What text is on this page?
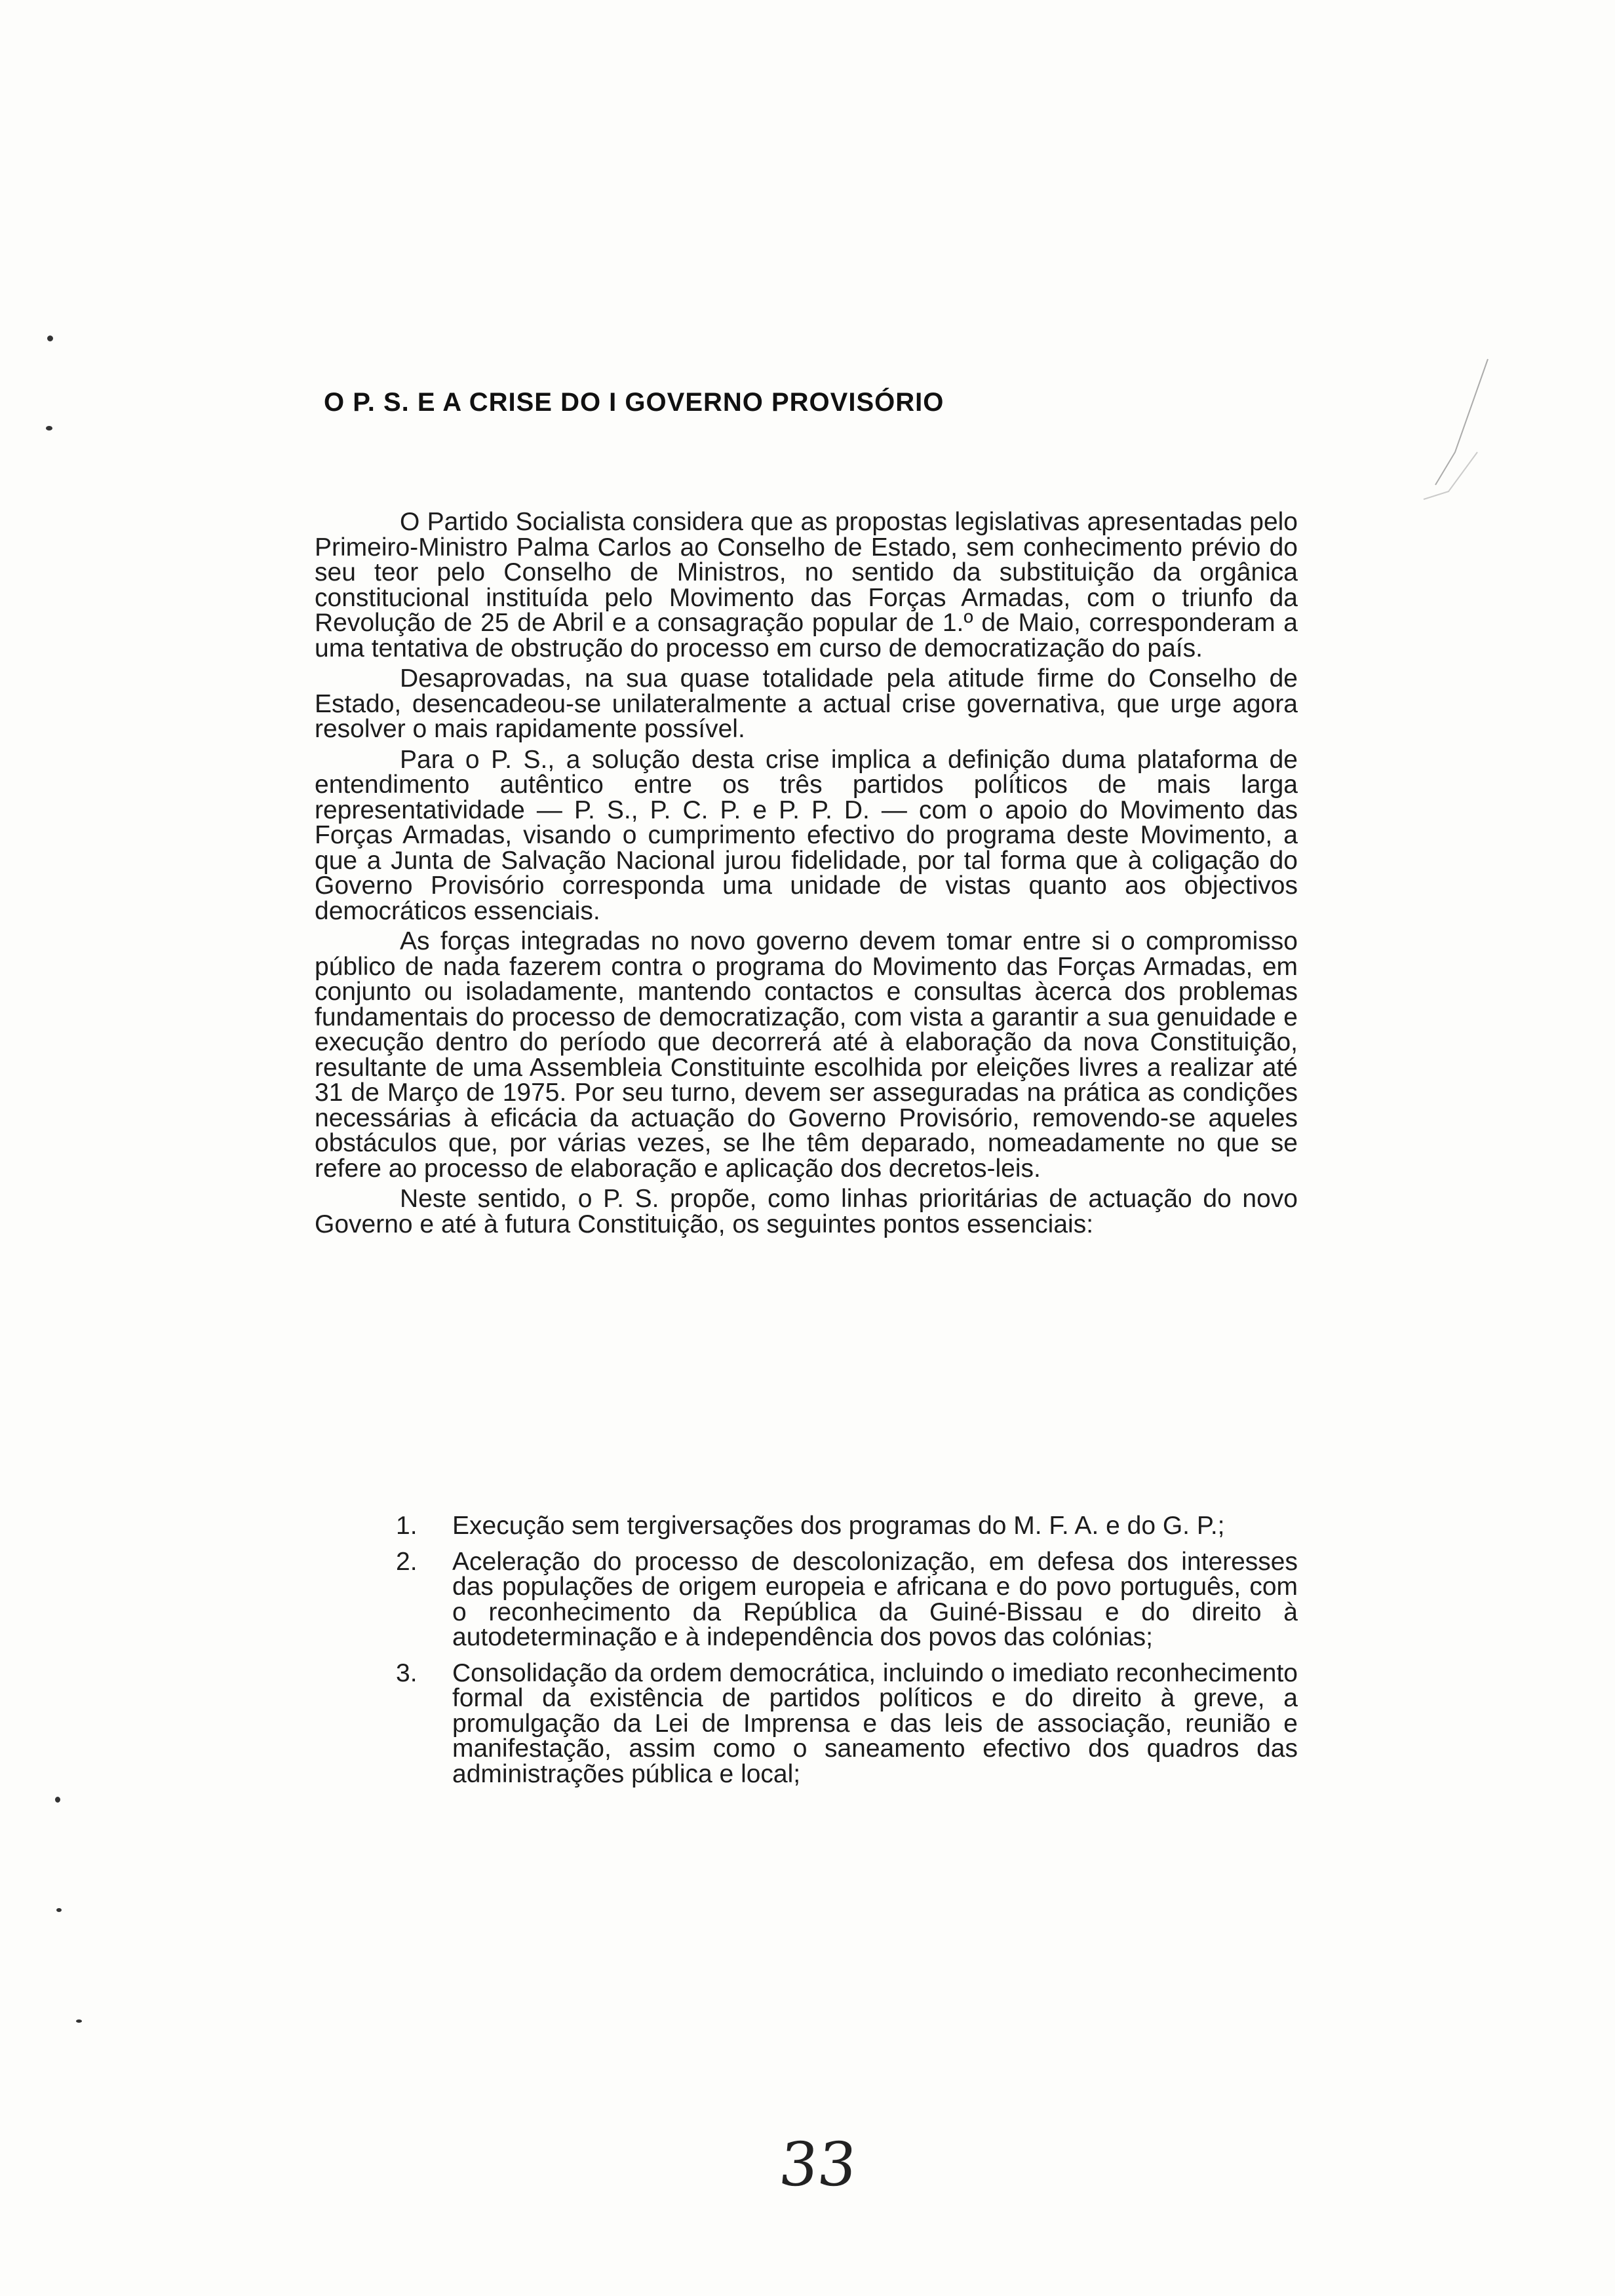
O P. S. E A CRISE DO I GOVERNO PROVISÓRIO

O Partido Socialista considera que as propostas legislativas apresentadas pelo Primeiro-Ministro Palma Carlos ao Conselho de Estado, sem conhecimento prévio do seu teor pelo Conselho de Ministros, no sentido da substituição da orgânica constitucional instituída pelo Movimento das Forças Armadas, com o triunfo da Revolução de 25 de Abril e a consagração popular de 1.º de Maio, corresponderam a uma tentativa de obstrução do processo em curso de democratização do país.

Desaprovadas, na sua quase totalidade pela atitude firme do Conselho de Estado, desencadeou-se unilateralmente a actual crise governativa, que urge agora resolver o mais rapidamente possível.

Para o P. S., a solução desta crise implica a definição duma plataforma de entendimento autêntico entre os três partidos políticos de mais larga representatividade — P. S., P. C. P. e P. P. D. — com o apoio do Movimento das Forças Armadas, visando o cumprimento efectivo do programa deste Movimento, a que a Junta de Salvação Nacional jurou fidelidade, por tal forma que à coligação do Governo Provisório corresponda uma unidade de vistas quanto aos objectivos democráticos essenciais.

As forças integradas no novo governo devem tomar entre si o compromisso público de nada fazerem contra o programa do Movimento das Forças Armadas, em conjunto ou isoladamente, mantendo contactos e consultas àcerca dos problemas fundamentais do processo de democratização, com vista a garantir a sua genuidade e execução dentro do período que decorrerá até à elaboração da nova Constituição, resultante de uma Assembleia Constituinte escolhida por eleições livres a realizar até 31 de Março de 1975. Por seu turno, devem ser asseguradas na prática as condições necessárias à eficácia da actuação do Governo Provisório, removendo-se aqueles obstáculos que, por várias vezes, se lhe têm deparado, nomeadamente no que se refere ao processo de elaboração e aplicação dos decretos-leis.

Neste sentido, o P. S. propõe, como linhas prioritárias de actuação do novo Governo e até à futura Constituição, os seguintes pontos essenciais:

1. Execução sem tergiversações dos programas do M. F. A. e do G. P.;
2. Aceleração do processo de descolonização, em defesa dos interesses das populações de origem europeia e africana e do povo português, com o reconhecimento da República da Guiné-Bissau e do direito à autodeterminação e à independência dos povos das colónias;
3. Consolidação da ordem democrática, incluindo o imediato reconhecimento formal da existência de partidos políticos e do direito à greve, a promulgação da Lei de Imprensa e das leis de associação, reunião e manifestação, assim como o saneamento efectivo dos quadros das administrações pública e local;
33
